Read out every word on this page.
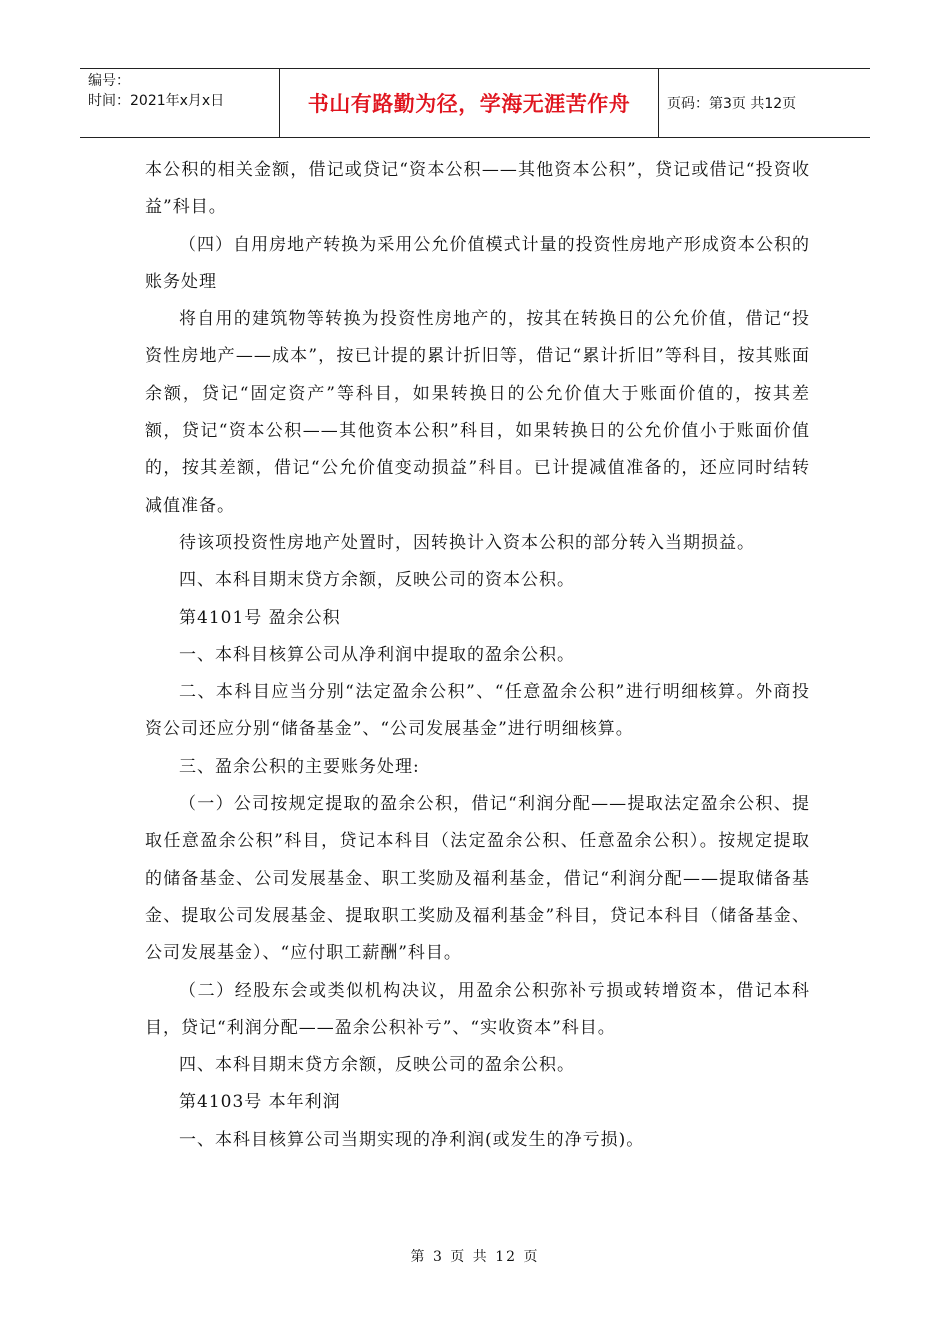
编号：
时间：2021年x月x日	书山有路勤为径，学海无涯苦作舟	页码：第3页 共12页

本公积的相关金额，借记或贷记“资本公积——其他资本公积”，贷记或借记“投资收益”科目。

（四）自用房地产转换为采用公允价值模式计量的投资性房地产形成资本公积的账务处理

将自用的建筑物等转换为投资性房地产的，按其在转换日的公允价值，借记“投资性房地产——成本”，按已计提的累计折旧等，借记“累计折旧”等科目，按其账面余额，贷记“固定资产”等科目，如果转换日的公允价值大于账面价值的，按其差额，贷记“资本公积——其他资本公积”科目，如果转换日的公允价值小于账面价值的，按其差额，借记“公允价值变动损益”科目。已计提减值准备的，还应同时结转减值准备。

待该项投资性房地产处置时，因转换计入资本公积的部分转入当期损益。

四、本科目期末贷方余额，反映公司的资本公积。

第4101号 盈余公积

一、本科目核算公司从净利润中提取的盈余公积。

二、本科目应当分别“法定盈余公积”、“任意盈余公积”进行明细核算。外商投资公司还应分别“储备基金”、“公司发展基金”进行明细核算。

三、盈余公积的主要账务处理:

（一）公司按规定提取的盈余公积，借记“利润分配——提取法定盈余公积、提取任意盈余公积”科目，贷记本科目（法定盈余公积、任意盈余公积）。按规定提取的储备基金、公司发展基金、职工奖励及福利基金，借记“利润分配——提取储备基金、提取公司发展基金、提取职工奖励及福利基金”科目，贷记本科目（储备基金、公司发展基金）、“应付职工薪酬”科目。

（二）经股东会或类似机构决议，用盈余公积弥补亏损或转增资本，借记本科目，贷记“利润分配——盈余公积补亏”、“实收资本”科目。

四、本科目期末贷方余额，反映公司的盈余公积。

第4103号 本年利润

一、本科目核算公司当期实现的净利润(或发生的净亏损)。

第 3 页 共 12 页
